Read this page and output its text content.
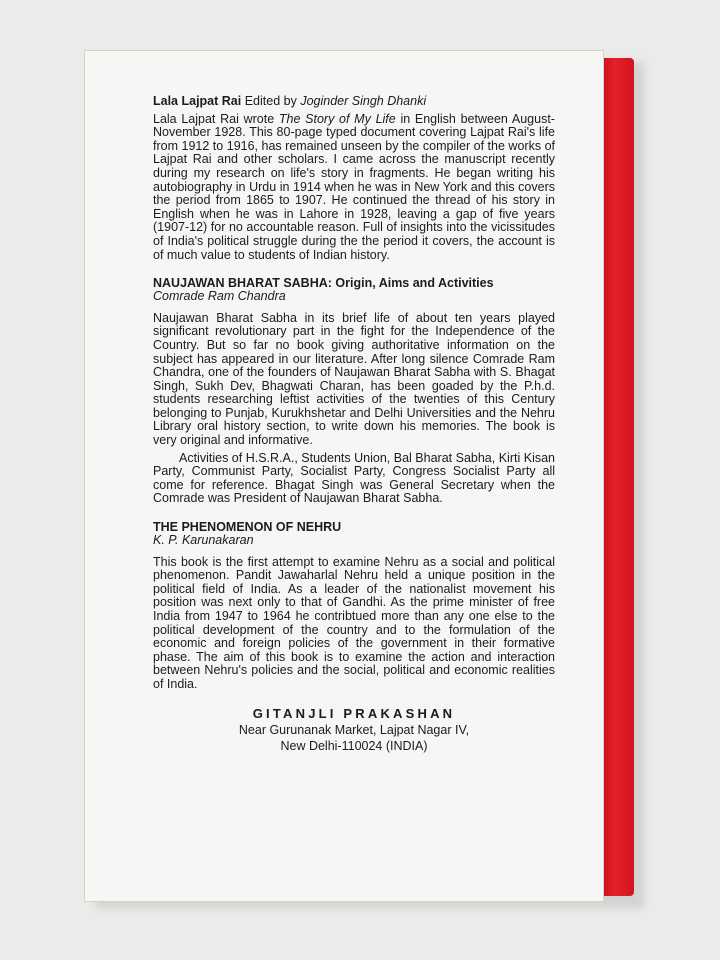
Lala Lajpat Rai Edited by Joginder Singh Dhanki

Lala Lajpat Rai wrote The Story of My Life in English between August-November 1928. This 80-page typed document covering Lajpat Rai's life from 1912 to 1916, has remained unseen by the compiler of the works of Lajpat Rai and other scholars. I came across the manuscript recently during my research on life's story in fragments. He began writing his autobiography in Urdu in 1914 when he was in New York and this covers the period from 1865 to 1907. He continued the thread of his story in English when he was in Lahore in 1928, leaving a gap of five years (1907-12) for no accountable reason. Full of insights into the vicissitudes of India's political struggle during the the period it covers, the account is of much value to students of Indian history.

NAUJAWAN BHARAT SABHA: Origin, Aims and Activities

Comrade Ram Chandra

Naujawan Bharat Sabha in its brief life of about ten years played significant revolutionary part in the fight for the Independence of the Country. But so far no book giving authoritative information on the subject has appeared in our literature. After long silence Comrade Ram Chandra, one of the founders of Naujawan Bharat Sabha with S. Bhagat Singh, Sukh Dev, Bhagwati Charan, has been goaded by the P.h.d. students researching leftist activities of the twenties of this Century belonging to Punjab, Kurukhshetar and Delhi Universities and the Nehru Library oral history section, to write down his memories. The book is very original and informative.

Activities of H.S.R.A., Students Union, Bal Bharat Sabha, Kirti Kisan Party, Communist Party, Socialist Party, Congress Socialist Party all come for reference. Bhagat Singh was General Secretary when the Comrade was President of Naujawan Bharat Sabha.

THE PHENOMENON OF NEHRU

K. P. Karunakaran

This book is the first attempt to examine Nehru as a social and political phenomenon. Pandit Jawaharlal Nehru held a unique position in the political field of India. As a leader of the nationalist movement his position was next only to that of Gandhi. As the prime minister of free India from 1947 to 1964 he contribtued more than any one else to the political development of the country and to the formulation of the economic and foreign policies of the government in their formative phase. The aim of this book is to examine the action and interaction between Nehru's policies and the social, political and economic realities of India.

GITANJLI PRAKASHAN
Near Gurunanak Market, Lajpat Nagar IV,
New Delhi-110024 (INDIA)
